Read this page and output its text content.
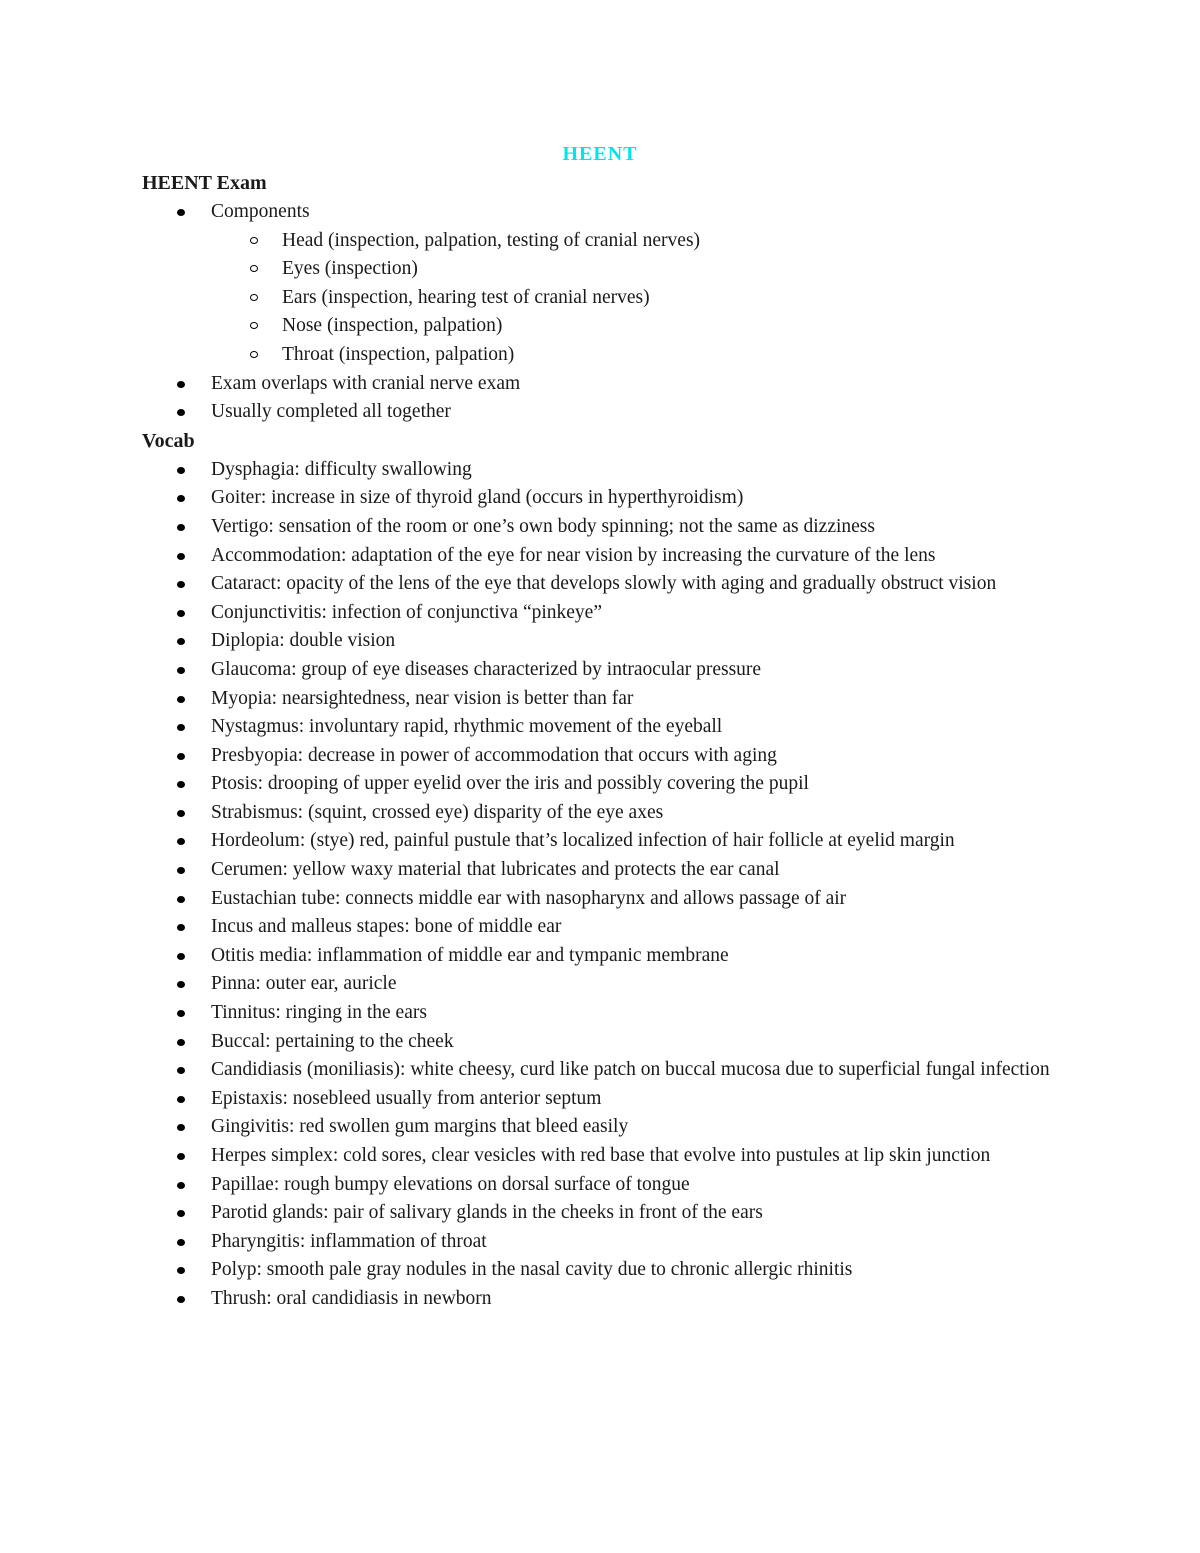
HEENT
HEENT Exam
Components
Head (inspection, palpation, testing of cranial nerves)
Eyes (inspection)
Ears (inspection, hearing test of cranial nerves)
Nose (inspection, palpation)
Throat (inspection, palpation)
Exam overlaps with cranial nerve exam
Usually completed all together
Vocab
Dysphagia: difficulty swallowing
Goiter: increase in size of thyroid gland (occurs in hyperthyroidism)
Vertigo: sensation of the room or one’s own body spinning; not the same as dizziness
Accommodation: adaptation of the eye for near vision by increasing the curvature of the lens
Cataract: opacity of the lens of the eye that develops slowly with aging and gradually obstruct vision
Conjunctivitis: infection of conjunctiva “pinkeye”
Diplopia: double vision
Glaucoma: group of eye diseases characterized by intraocular pressure
Myopia: nearsightedness, near vision is better than far
Nystagmus: involuntary rapid, rhythmic movement of the eyeball
Presbyopia: decrease in power of accommodation that occurs with aging
Ptosis: drooping of upper eyelid over the iris and possibly covering the pupil
Strabismus: (squint, crossed eye) disparity of the eye axes
Hordeolum: (stye) red, painful pustule that’s localized infection of hair follicle at eyelid margin
Cerumen: yellow waxy material that lubricates and protects the ear canal
Eustachian tube: connects middle ear with nasopharynx and allows passage of air
Incus and malleus stapes: bone of middle ear
Otitis media: inflammation of middle ear and tympanic membrane
Pinna: outer ear, auricle
Tinnitus: ringing in the ears
Buccal: pertaining to the cheek
Candidiasis (moniliasis): white cheesy, curd like patch on buccal mucosa due to superficial fungal infection
Epistaxis: nosebleed usually from anterior septum
Gingivitis: red swollen gum margins that bleed easily
Herpes simplex: cold sores, clear vesicles with red base that evolve into pustules at lip skin junction
Papillae: rough bumpy elevations on dorsal surface of tongue
Parotid glands: pair of salivary glands in the cheeks in front of the ears
Pharyngitis: inflammation of throat
Polyp: smooth pale gray nodules in the nasal cavity due to chronic allergic rhinitis
Thrush: oral candidiasis in newborn
